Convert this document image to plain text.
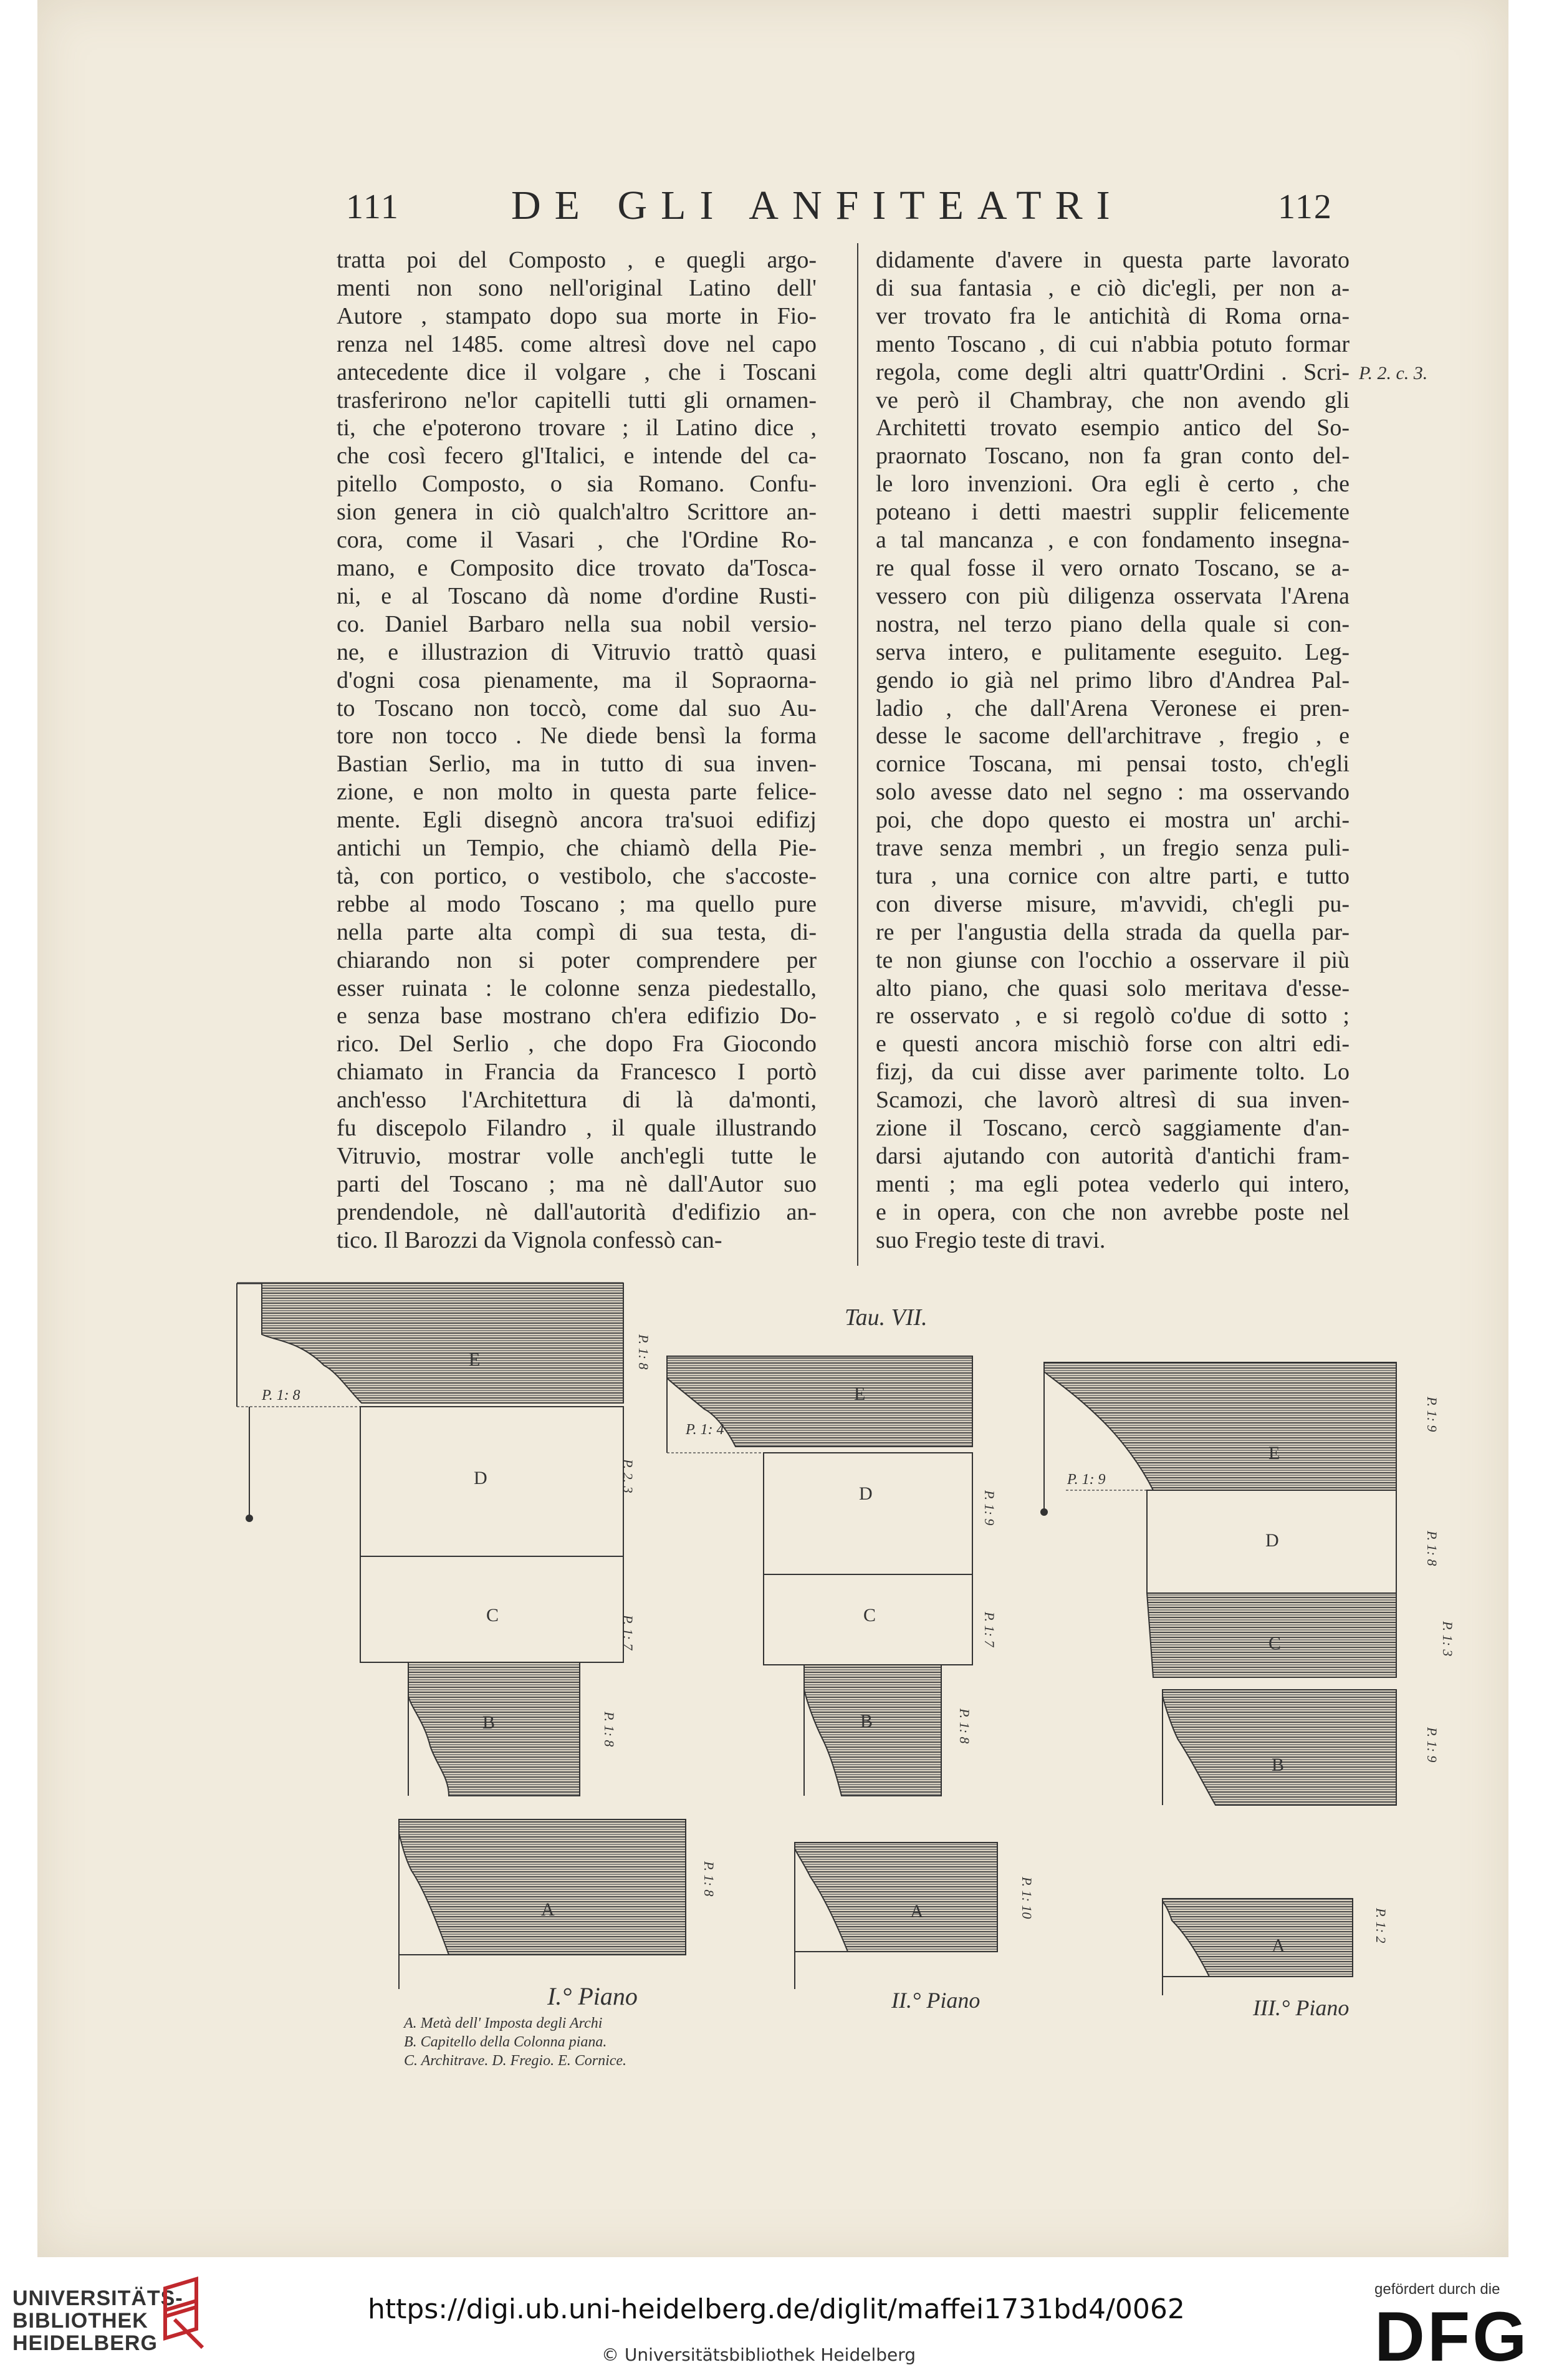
111	DE GLI ANFITEATRI	112
tratta poi del Composto , e quegli argo-
menti non sono nell'original Latino dell'
Autore , stampato dopo sua morte in Fio-
renza nel 1485. come altresì dove nel capo
antecedente dice il volgare , che i Toscani
trasferirono ne'lor capitelli tutti gli ornamen-
ti, che e'poterono trovare ; il Latino dice ,
che così fecero gl'Italici, e intende del ca-
pitello Composto, o sia Romano. Confu-
sion genera in ciò qualch'altro Scrittore an-
cora, come il Vasari , che l'Ordine Ro-
mano, e Composito dice trovato da'Tosca-
ni, e al Toscano dà nome d'ordine Rusti-
co. Daniel Barbaro nella sua nobil versio-
ne, e illustrazion di Vitruvio trattò quasi
d'ogni cosa pienamente, ma il Sopraorna-
to Toscano non toccò, come dal suo Au-
tore non tocco . Ne diede bensì la forma
Bastian Serlio, ma in tutto di sua inven-
zione, e non molto in questa parte felice-
mente. Egli disegnò ancora tra'suoi edifizj
antichi un Tempio, che chiamò della Pie-
tà, con portico, o vestibolo, che s'accoste-
rebbe al modo Toscano ; ma quello pure
nella parte alta compì di sua testa, di-
chiarando non si poter comprendere per
esser ruinata : le colonne senza piedestallo,
e senza base mostrano ch'era edifizio Do-
rico. Del Serlio , che dopo Fra Giocondo
chiamato in Francia da Francesco I portò
anch'esso l'Architettura di là da'monti,
fu discepolo Filandro , il quale illustrando
Vitruvio, mostrar volle anch'egli tutte le
parti del Toscano ; ma nè dall'Autor suo
prendendole, nè dall'autorità d'edifizio an-
tico. Il Barozzi da Vignola confessò can-
didamente d'avere in questa parte lavorato
di sua fantasia , e ciò dic'egli, per non a-
ver trovato fra le antichità di Roma orna-
mento Toscano , di cui n'abbia potuto formar
regola, come degli altri quattr'Ordini . Scri-
ve però il Chambray, che non avendo gli
Architetti trovato esempio antico del So-
praornato Toscano, non fa gran conto del-
le loro invenzioni. Ora egli è certo , che
poteano i detti maestri supplir felicemente
a tal mancanza , e con fondamento insegna-
re qual fosse il vero ornato Toscano, se a-
vessero con più diligenza osservata l'Arena
nostra, nel terzo piano della quale si con-
serva intero, e pulitamente eseguito. Leg-
gendo io già nel primo libro d'Andrea Pal-
ladio , che dall'Arena Veronese ei pren-
desse le sacome dell'architrave , fregio , e
cornice Toscana, mi pensai tosto, ch'egli
solo avesse dato nel segno : ma osservando
poi, che dopo questo ei mostra un' archi-
trave senza membri , un fregio senza puli-
tura , una cornice con altre parti, e tutto
con diverse misure, m'avvidi, ch'egli pu-
re per l'angustia della strada da quella par-
te non giunse con l'occhio a osservare il più
alto piano, che quasi solo meritava d'esse-
re osservato , e si regolò co'due di sotto ;
e questi ancora mischiò forse con altri edi-
fizj, da cui disse aver parimente tolto. Lo
Scamozi, che lavorò altresì di sua inven-
zione il Toscano, cercò saggiamente d'an-
darsi ajutando con autorità d'antichi fram-
menti ; ma egli potea vederlo qui intero,
e in opera, con che non avrebbe poste nel
suo Fregio teste di travi.
P. 2. c. 3.
Tau. VII.
E
D
C
B
A
P. 1: 8
P. 1: 8
P. 2. 3
P. 1: 7
P. 1: 8
P. 1: 8
E
D
C
B
A
P. 1: 4
P. 1: 9
P. 1: 7
P. 1: 8
P. 1: 10
E
D
C
B
A
P. 1: 9
P. 1: 9
P. 1: 8
P. 1: 3
P. 1: 9
P. 1: 2
I.° Piano	II.° Piano	III.° Piano
A. Metà dell' Imposta degli Archi
B. Capitello della Colonna piana.
C. Architrave. D. Fregio. E. Cornice.
UNIVERSITÄTS-
BIBLIOTHEK
HEIDELBERG
https://digi.ub.uni-heidelberg.de/diglit/maffei1731bd4/0062
© Universitätsbibliothek Heidelberg
gefördert durch die
DFG
